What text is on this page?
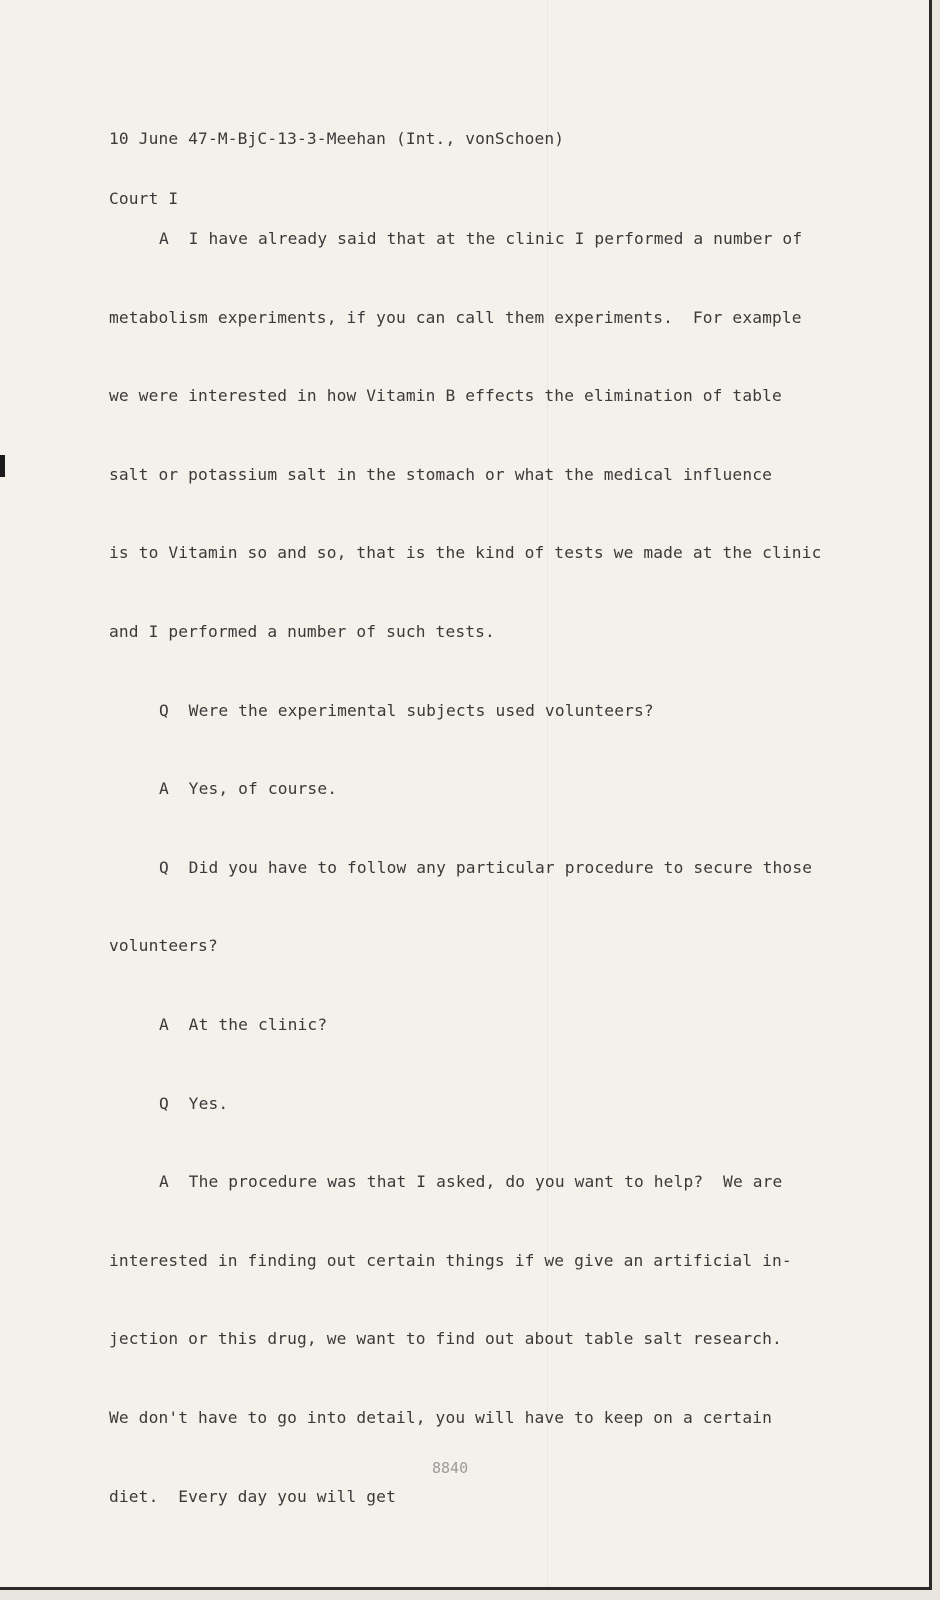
10 June 47-M-BjC-13-3-Meehan (Int., vonSchoen)

Court I

A  I have already said that at the clinic I performed a number of

metabolism experiments, if you can call them experiments.  For example

we were interested in how Vitamin B effects the elimination of table

salt or potassium salt in the stomach or what the medical influence

is to Vitamin so and so, that is the kind of tests we made at the clinic

and I performed a number of such tests.

Q  Were the experimental subjects used volunteers?

A  Yes, of course.

Q  Did you have to follow any particular procedure to secure those

volunteers?

A  At the clinic?

Q  Yes.

A  The procedure was that I asked, do you want to help?  We are

interested in finding out certain things if we give an artificial in-

jection or this drug, we want to find out about table salt research.

We don't have to go into detail, you will have to keep on a certain

diet.  Every day you will get

8840
